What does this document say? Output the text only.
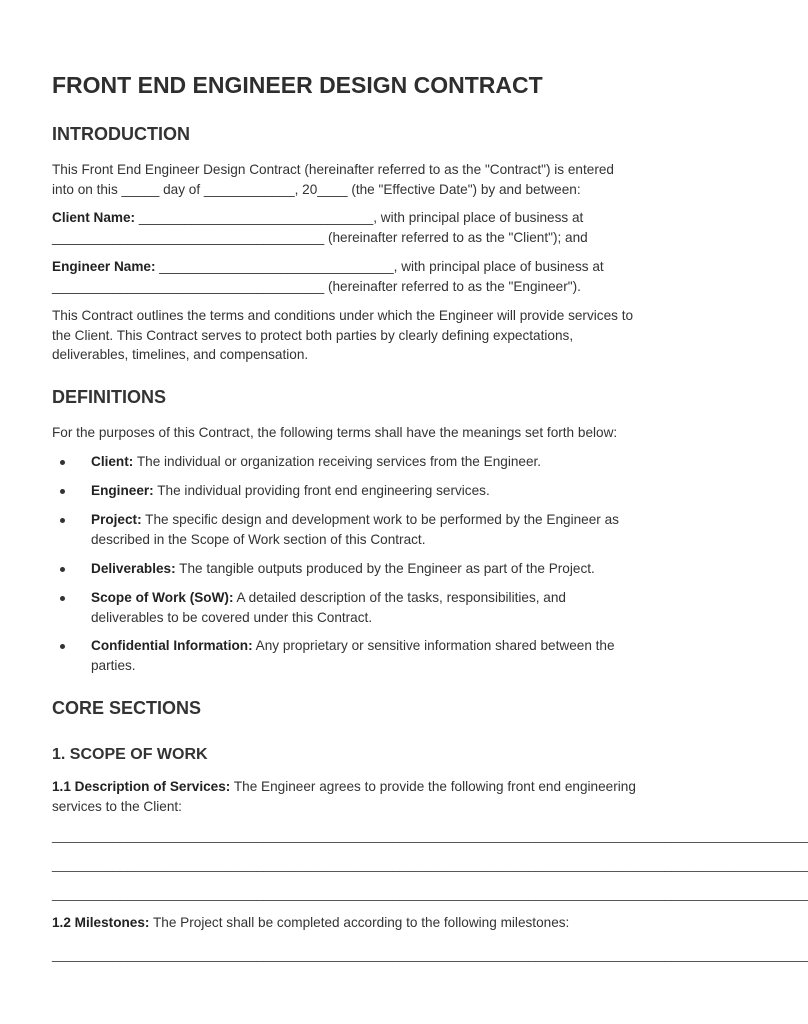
FRONT END ENGINEER DESIGN CONTRACT
INTRODUCTION

This Front End Engineer Design Contract (hereinafter referred to as the "Contract") is entered

into on this _____ day of ____________, 20____ (the "Effective Date") by and between:

Client Name: _______________________________, with principal place of business at

____________________________________ (hereinafter referred to as the "Client"); and

Engineer Name: _______________________________, with principal place of business at

____________________________________ (hereinafter referred to as the "Engineer").

This Contract outlines the terms and conditions under which the Engineer will provide services to

the Client. This Contract serves to protect both parties by clearly defining expectations,

deliverables, timelines, and compensation.

DEFINITIONS

For the purposes of this Contract, the following terms shall have the meanings set forth below:

Client: The individual or organization receiving services from the Engineer.
Engineer: The individual providing front end engineering services.
Project: The specific design and development work to be performed by the Engineer as
described in the Scope of Work section of this Contract.
Deliverables: The tangible outputs produced by the Engineer as part of the Project.
Scope of Work (SoW): A detailed description of the tasks, responsibilities, and
deliverables to be covered under this Contract.
Confidential Information: Any proprietary or sensitive information shared between the
parties.
CORE SECTIONS
1. SCOPE OF WORK

1.1 Description of Services: The Engineer agrees to provide the following front end engineering

services to the Client:

____________________________________________________________________________________________________

____________________________________________________________________________________________________

____________________________________________________________________________________________________

1.2 Milestones: The Project shall be completed according to the following milestones:

____________________________________________________________________________________________________
